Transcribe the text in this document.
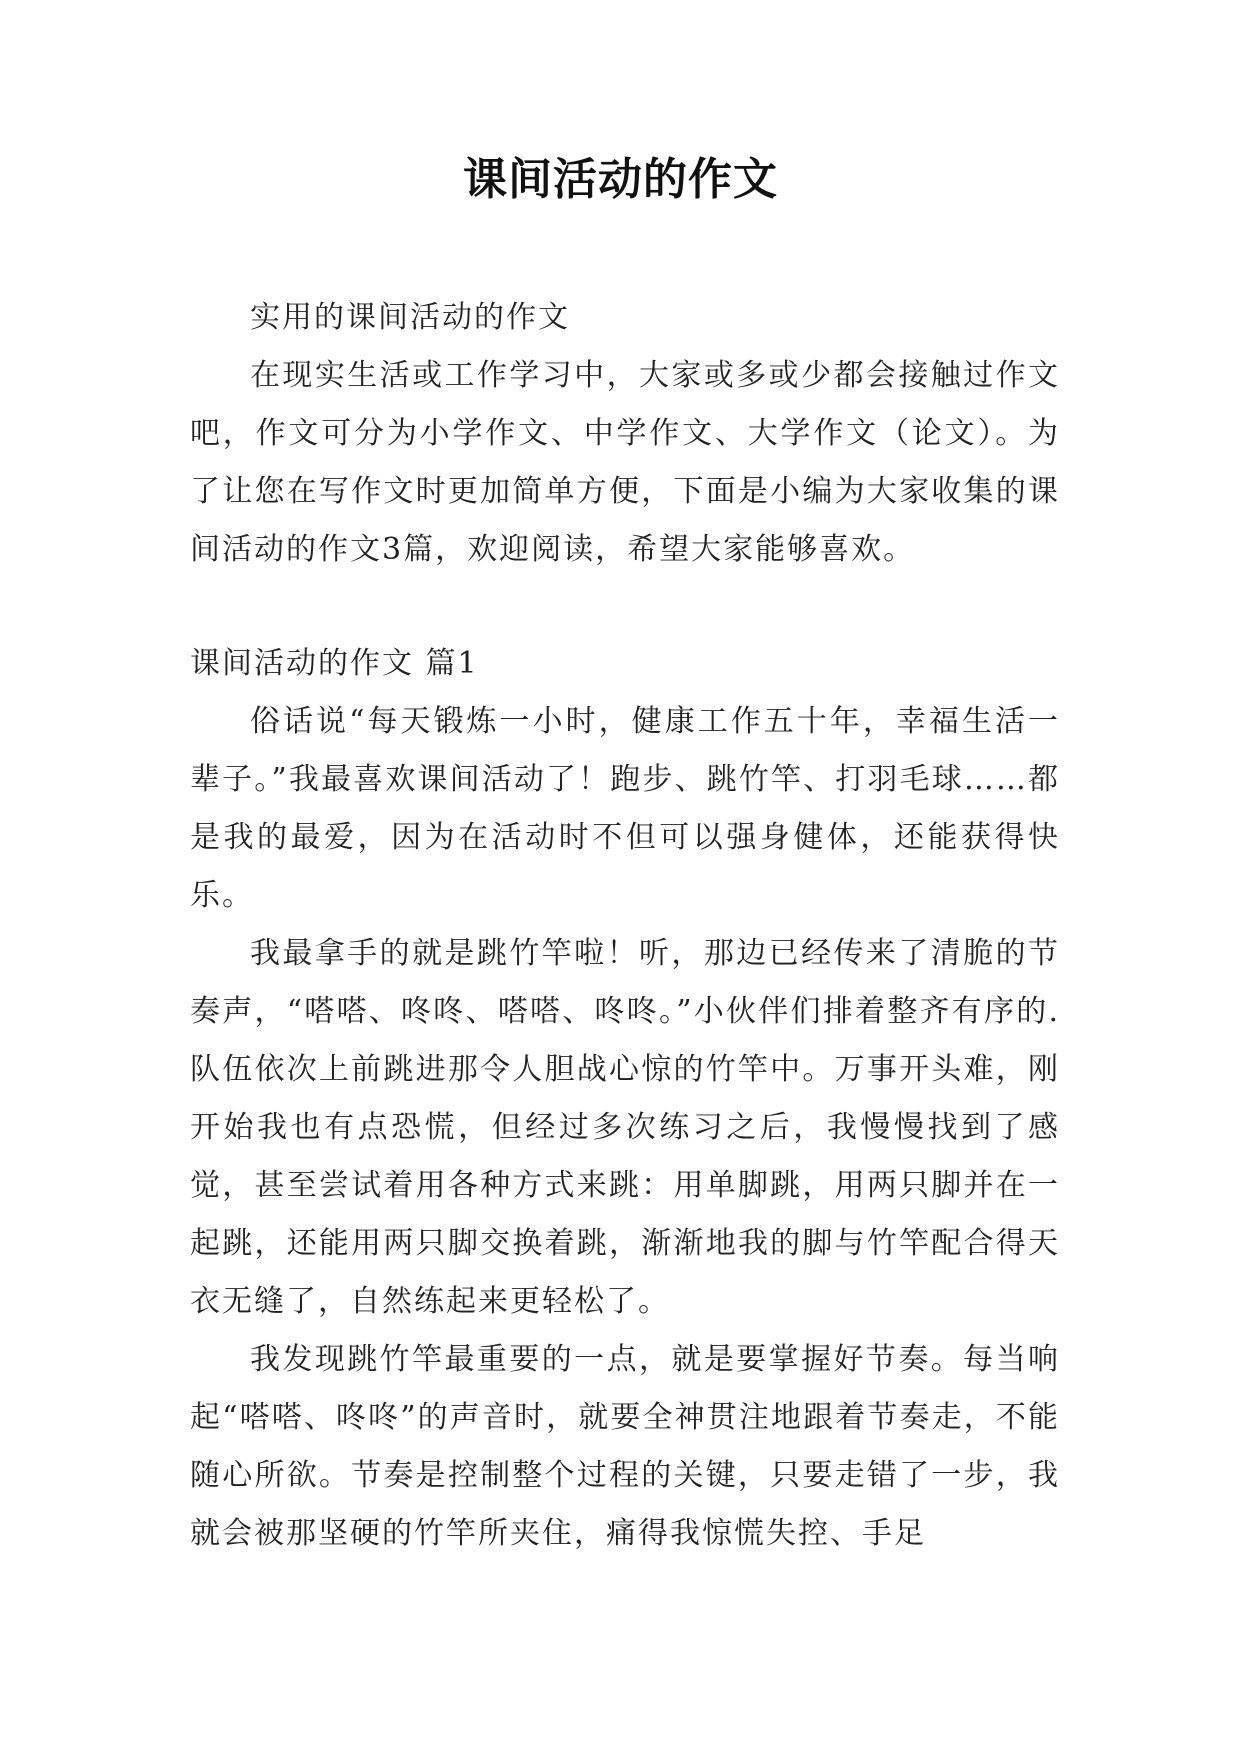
课间活动的作文

实用的课间活动的作文

在现实生活或工作学习中，大家或多或少都会接触过作文吧，作文可分为小学作文、中学作文、大学作文（论文）。为了让您在写作文时更加简单方便，下面是小编为大家收集的课间活动的作文3篇，欢迎阅读，希望大家能够喜欢。

课间活动的作文 篇1

俗话说“每天锻炼一小时，健康工作五十年，幸福生活一辈子。”我最喜欢课间活动了！跑步、跳竹竿、打羽毛球……都是我的最爱，因为在活动时不但可以强身健体，还能获得快乐。

我最拿手的就是跳竹竿啦！听，那边已经传来了清脆的节奏声，“嗒嗒、咚咚、嗒嗒、咚咚。”小伙伴们排着整齐有序的.队伍依次上前跳进那令人胆战心惊的竹竿中。万事开头难，刚开始我也有点恐慌，但经过多次练习之后，我慢慢找到了感觉，甚至尝试着用各种方式来跳：用单脚跳，用两只脚并在一起跳，还能用两只脚交换着跳，渐渐地我的脚与竹竿配合得天衣无缝了，自然练起来更轻松了。

我发现跳竹竿最重要的一点，就是要掌握好节奏。每当响起“嗒嗒、咚咚”的声音时，就要全神贯注地跟着节奏走，不能随心所欲。节奏是控制整个过程的关键，只要走错了一步，我就会被那坚硬的竹竿所夹住，痛得我惊慌失控、手足
